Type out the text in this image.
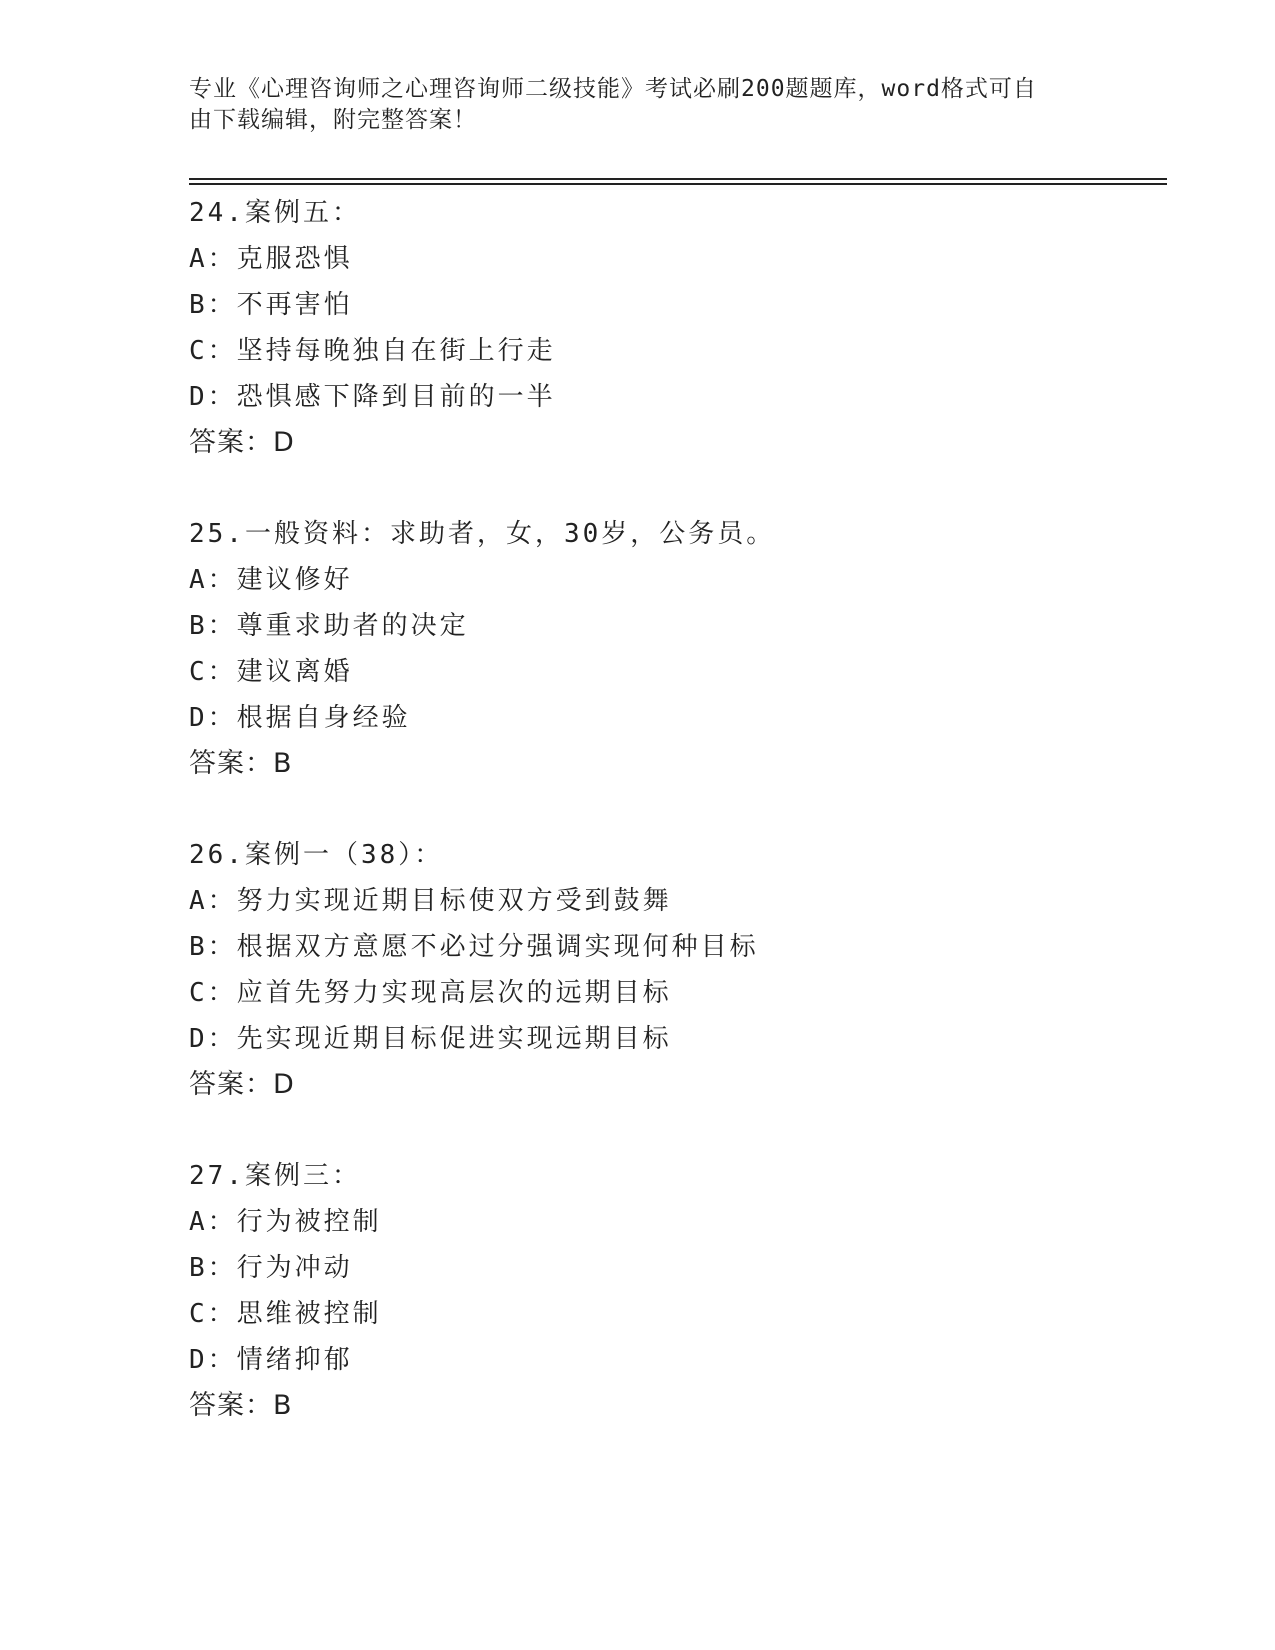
专业《心理咨询师之心理咨询师二级技能》考试必刷200题题库，word格式可自
由下载编辑，附完整答案！
24.案例五：
A：克服恐惧
B：不再害怕
C：坚持每晚独自在街上行走
D：恐惧感下降到目前的一半
答案：D
25.一般资料：求助者，女，30岁，公务员。
A：建议修好
B：尊重求助者的决定
C：建议离婚
D：根据自身经验
答案：B
26.案例一（38）：
A：努力实现近期目标使双方受到鼓舞
B：根据双方意愿不必过分强调实现何种目标
C：应首先努力实现高层次的远期目标
D：先实现近期目标促进实现远期目标
答案：D
27.案例三：
A：行为被控制
B：行为冲动
C：思维被控制
D：情绪抑郁
答案：B
